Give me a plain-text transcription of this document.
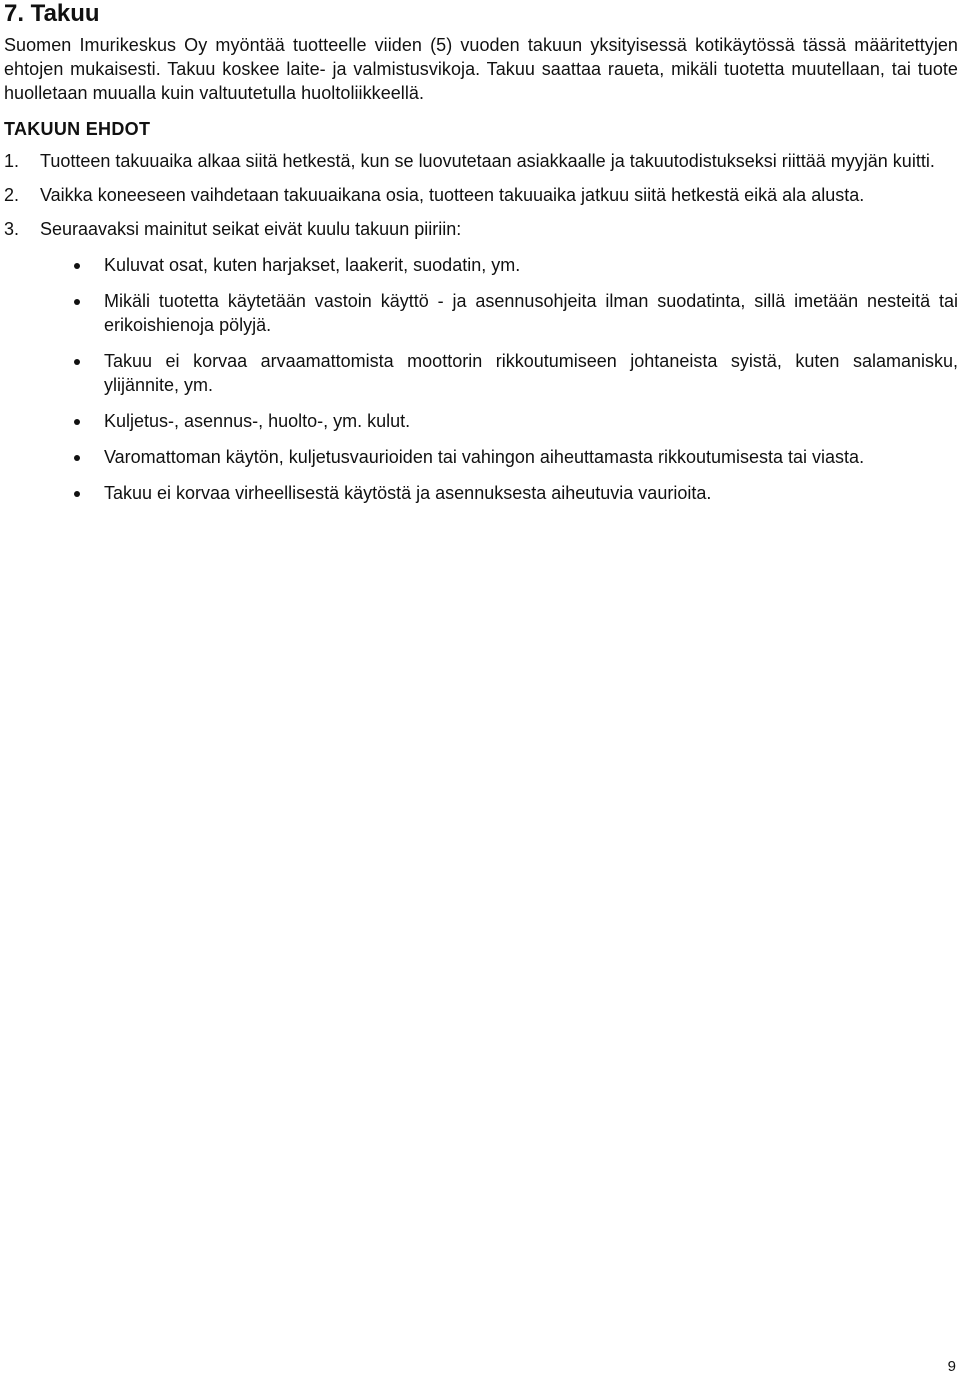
7. Takuu

Suomen Imurikeskus Oy myöntää tuotteelle viiden (5) vuoden takuun yksityisessä kotikäytössä tässä määritettyjen ehtojen mukaisesti. Takuu koskee laite- ja valmistusvikoja. Takuu saattaa raueta, mikäli tuotetta muutellaan, tai tuote huolletaan muualla kuin valtuutetulla huoltoliikkeellä.

TAKUUN EHDOT
1. Tuotteen takuuaika alkaa siitä hetkestä, kun se luovutetaan asiakkaalle ja takuutodistukseksi riittää myyjän kuitti.
2. Vaikka koneeseen vaihdetaan takuuaikana osia, tuotteen takuuaika jatkuu siitä hetkestä eikä ala alusta.
3. Seuraavaksi mainitut seikat eivät kuulu takuun piiriin:
Kuluvat osat, kuten harjakset, laakerit, suodatin, ym.
Mikäli tuotetta käytetään vastoin käyttö - ja asennusohjeita ilman suodatinta, sillä imetään nesteitä tai erikoishienoja pölyjä.
Takuu ei korvaa arvaamattomista moottorin rikkoutumiseen johtaneista syistä, kuten salamanisku, ylijännite, ym.
Kuljetus-, asennus-, huolto-, ym. kulut.
Varomattoman käytön, kuljetusvaurioiden tai vahingon aiheuttamasta rikkoutumisesta tai viasta.
Takuu ei korvaa virheellisestä käytöstä ja asennuksesta aiheutuvia vaurioita.
9
